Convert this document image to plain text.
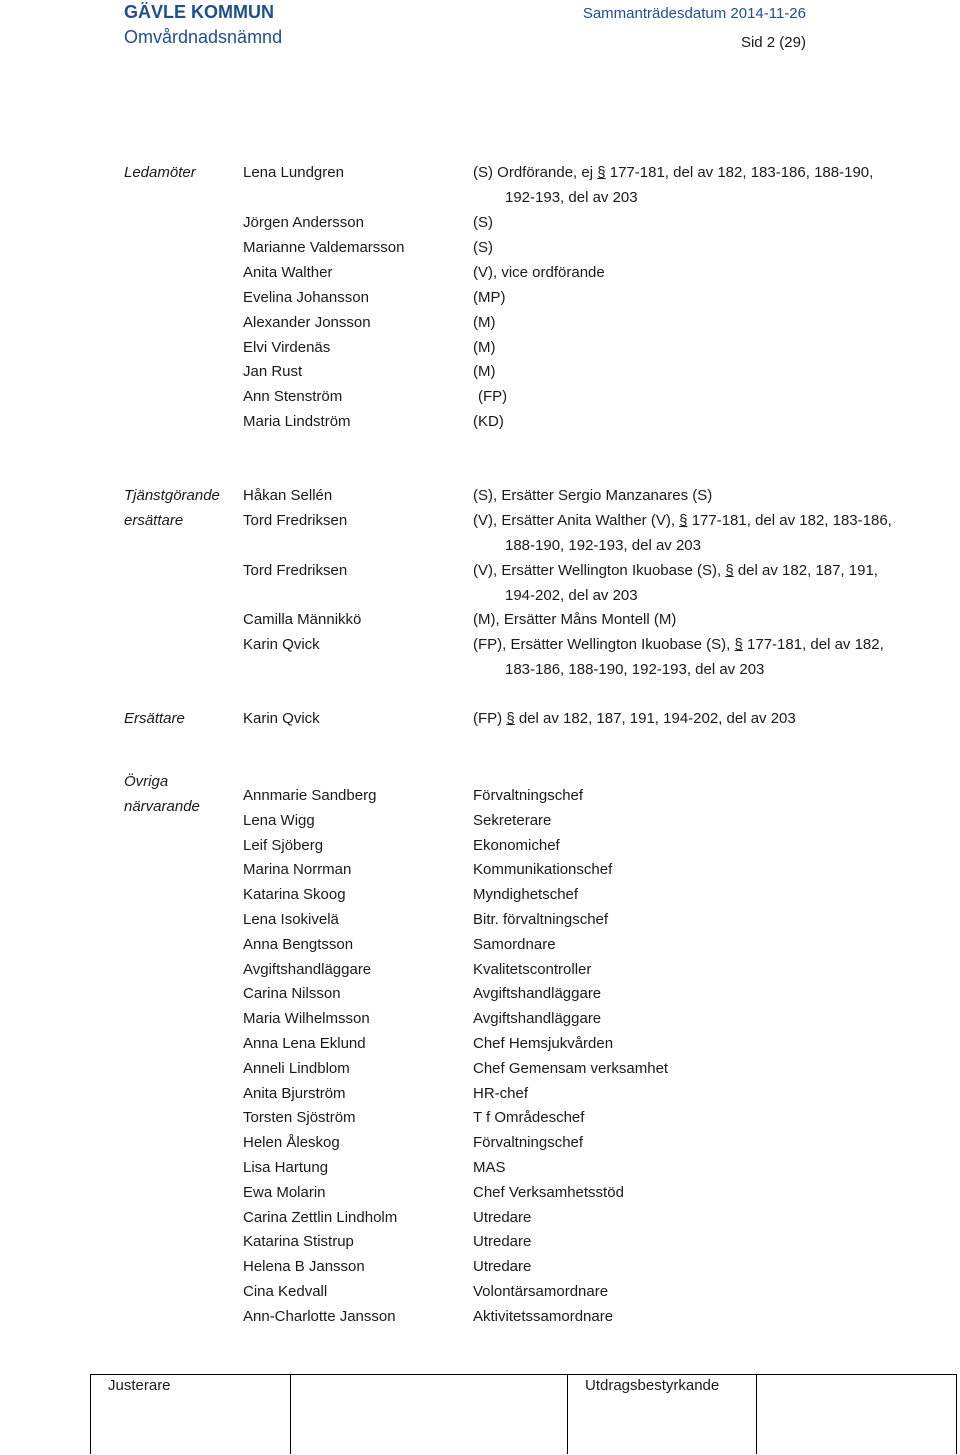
GÄVLE KOMMUN
Omvårdnadsnämnd
Sammanträdesdatum 2014-11-26
Sid 2 (29)
Ledamöter	Lena Lundgren	(S) Ordförande, ej § 177-181, del av 182, 183-186, 188-190,
192-193, del av 203
Jörgen Andersson	(S)
Marianne Valdemarsson	(S)
Anita Walther	(V), vice ordförande
Evelina Johansson	(MP)
Alexander Jonsson	(M)
Elvi Virdenäs	(M)
Jan Rust	(M)
Ann Stenström	(FP)
Maria Lindström	(KD)
Tjänstgörande
ersättare
Håkan Sellén	(S), Ersätter Sergio Manzanares (S)
Tord Fredriksen	(V), Ersätter Anita Walther (V), § 177-181, del av 182, 183-186,
188-190, 192-193, del av 203
Tord Fredriksen	(V), Ersätter Wellington Ikuobase (S), § del av 182, 187, 191,
194-202, del av 203
Camilla Männikkö	(M), Ersätter Måns Montell (M)
Karin Qvick	(FP), Ersätter Wellington Ikuobase (S), § 177-181, del av 182,
183-186, 188-190, 192-193, del av 203
Ersättare	Karin Qvick	(FP) § del av 182, 187, 191, 194-202, del av 203
Övriga
närvarande
Annmarie Sandberg	Förvaltningschef
Lena Wigg	Sekreterare
Leif Sjöberg	Ekonomichef
Marina Norrman	Kommunikationschef
Katarina Skoog	Myndighetschef
Lena Isokivelä	Bitr. förvaltningschef
Anna Bengtsson	Samordnare
Avgiftshandläggare	Kvalitetscontroller
Carina Nilsson	Avgiftshandläggare
Maria Wilhelmsson	Avgiftshandläggare
Anna Lena Eklund	Chef Hemsjukvården
Anneli Lindblom	Chef Gemensam verksamhet
Anita Bjurström	HR-chef
Torsten Sjöström	T f Områdeschef
Helen Åleskog	Förvaltningschef
Lisa Hartung	MAS
Ewa Molarin	Chef Verksamhetsstöd
Carina Zettlin Lindholm	Utredare
Katarina Stistrup	Utredare
Helena B Jansson	Utredare
Cina Kedvall	Volontärsamordnare
Ann-Charlotte Jansson	Aktivitetssamordnare
Justerare	Utdragsbestyrkande
